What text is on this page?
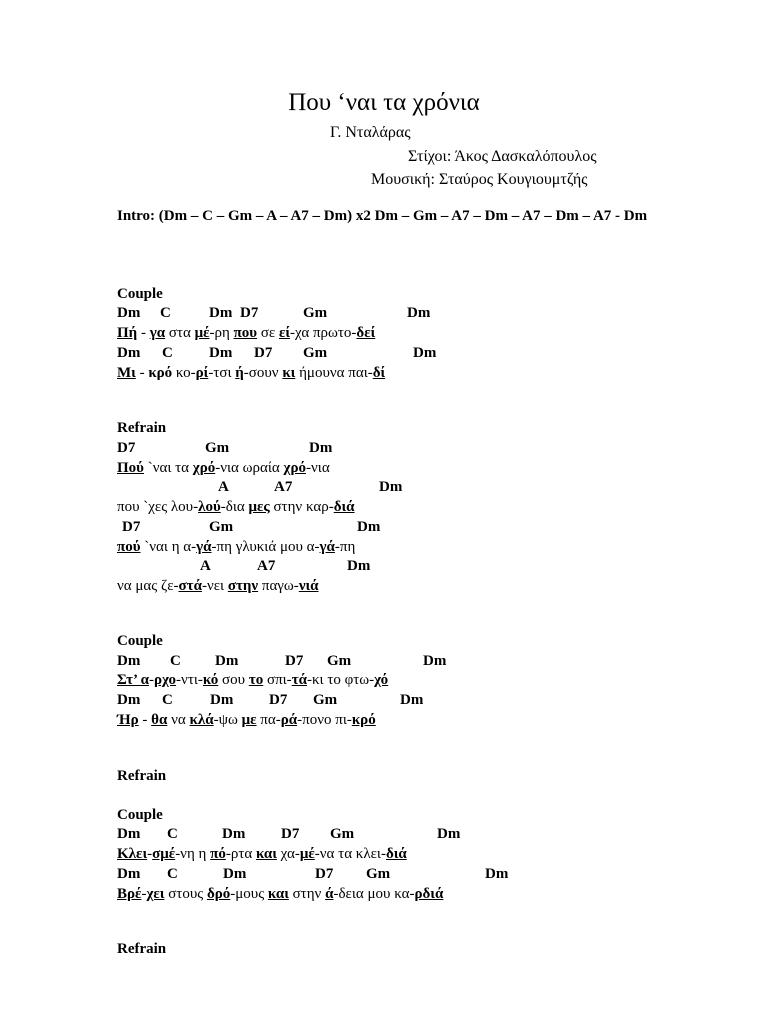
Που ‘ναι τα χρόνια
Γ. Νταλάρας
Στίχοι: Άκος Δασκαλόπουλος
Μουσική: Σταύρος Κουγιουμτζής
Intro: (Dm – C – Gm – A – A7 – Dm) x2 Dm – Gm – A7 – Dm – A7 – Dm – A7 - Dm
Couple
Dm C	Dm D7	Gm	Dm
Πή - γα στα μέ-ρη που σε εί-χα πρωτο-δεί
Dm C Dm D7 Gm	Dm
Μι - κρό κο-ρί-τσι ή-σουν κι ήμουνα παι-δί
Refrain
D7	Gm	Dm
Πού `ναι τα χρό-νια ωραία χρό-νια
A	A7	Dm
που `χες λου-λού-δια μες στην καρ-διά
D7	Gm	Dm
πού `ναι η α-γά-πη γλυκιά μου α-γά-πη
A	A7	Dm
να μας ζε-στά-νει στην παγω-νιά
Couple
Dm C Dm	D7 Gm	Dm
Στ’ α-ρχο-ντι-κό σου το σπι-τά-κι το φτω-χό
Dm C Dm D7 Gm	Dm
Ήρ - θα να κλά-ψω με πα-ρά-πονο πι-κρό
Refrain
Couple
Dm C	Dm D7 Gm	Dm
Κλει-σμέ-νη η πό-ρτα και χα-μέ-να τα κλει-διά
Dm C	Dm	D7 Gm	Dm
Βρέ-χει στους δρό-μους και στην ά-δεια μου κα-ρδιά
Refrain
